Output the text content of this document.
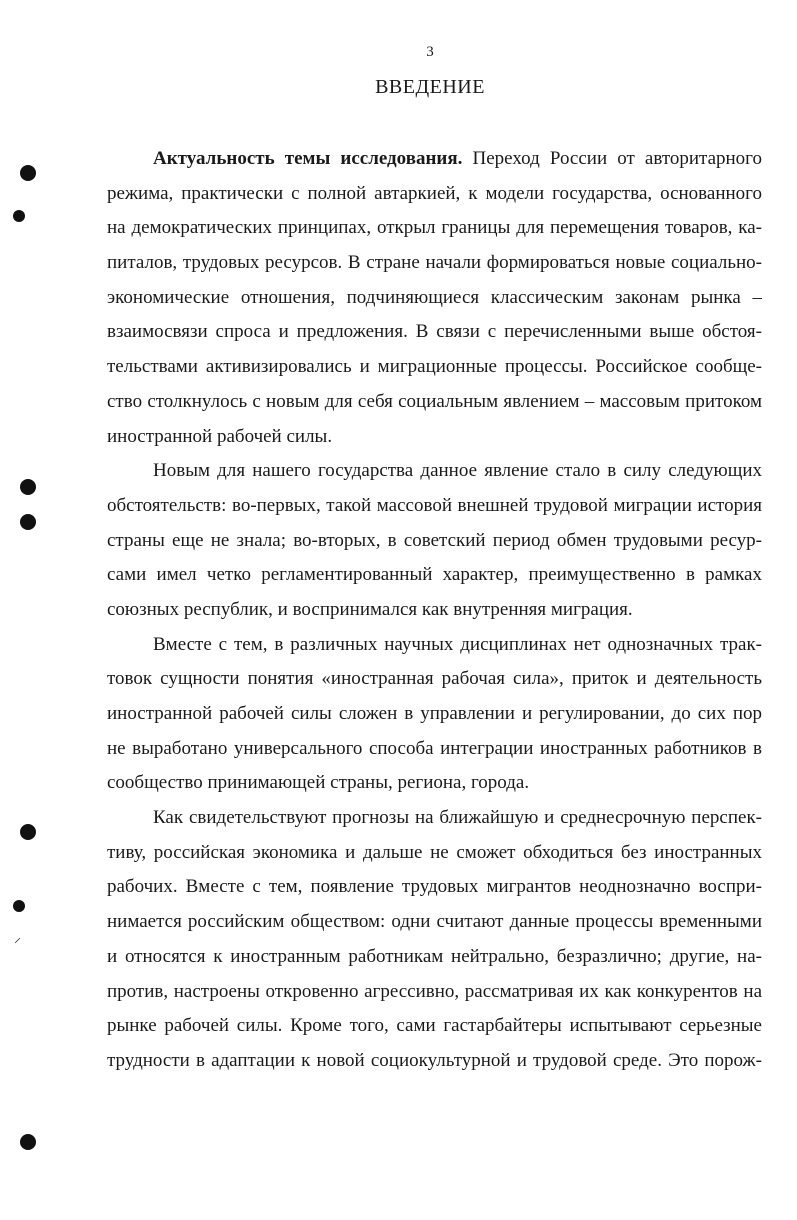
3
ВВЕДЕНИЕ
⸝
Актуальность темы исследования. Переход России от авторитарного
режима, практически с полной автаркией, к модели государства, основанного
на демократических принципах, открыл границы для перемещения товаров, ка-
питалов, трудовых ресурсов. В стране начали формироваться новые социально-
экономические отношения, подчиняющиеся классическим законам рынка –
взаимосвязи спроса и предложения. В связи с перечисленными выше обстоя-
тельствами активизировались и миграционные процессы. Российское сообще-
ство столкнулось с новым для себя социальным явлением – массовым притоком
иностранной рабочей силы.
Новым для нашего государства данное явление стало в силу следующих
обстоятельств: во-первых, такой массовой внешней трудовой миграции история
страны еще не знала; во-вторых, в советский период обмен трудовыми ресур-
сами имел четко регламентированный характер, преимущественно в рамках
союзных республик, и воспринимался как внутренняя миграция.
Вместе с тем, в различных научных дисциплинах нет однозначных трак-
товок сущности понятия «иностранная рабочая сила», приток и деятельность
иностранной рабочей силы сложен в управлении и регулировании, до сих пор
не выработано универсального способа интеграции иностранных работников в
сообщество принимающей страны, региона, города.
Как свидетельствуют прогнозы на ближайшую и среднесрочную перспек-
тиву, российская экономика и дальше не сможет обходиться без иностранных
рабочих. Вместе с тем, появление трудовых мигрантов неоднозначно воспри-
нимается российским обществом: одни считают данные процессы временными
и относятся к иностранным работникам нейтрально, безразлично; другие, на-
против, настроены откровенно агрессивно, рассматривая их как конкурентов на
рынке рабочей силы. Кроме того, сами гастарбайтеры испытывают серьезные
трудности в адаптации к новой социокультурной и трудовой среде. Это порож-
